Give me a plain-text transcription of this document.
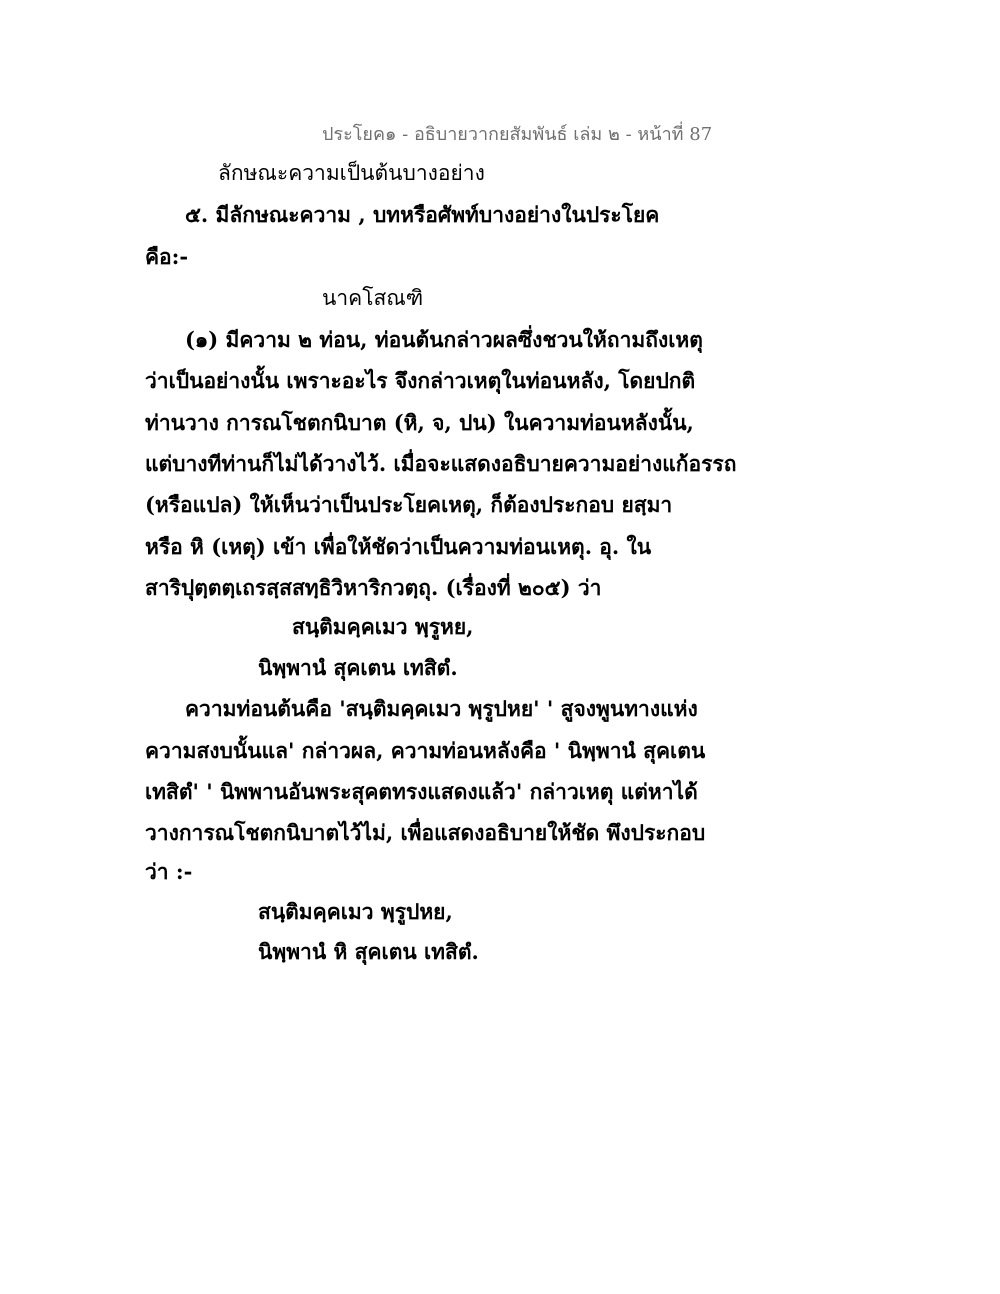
ประโยค๑ - อธิบายวากยสัมพันธ์ เล่ม ๒ - หน้าที่ 87
ลักษณะความเป็นต้นบางอย่าง
๕. มีลักษณะความ , บทหรือศัพท์บางอย่างในประโยค
คือ:-
นาคโสณฑิ
(๑) มีความ ๒ ท่อน, ท่อนต้นกล่าวผลซึ่งชวนให้ถามถึงเหตุ
ว่าเป็นอย่างนั้น เพราะอะไร จึงกล่าวเหตุในท่อนหลัง, โดยปกติ
ท่านวาง การณโชตกนิบาต (หิ, จ, ปน) ในความท่อนหลังนั้น,
แต่บางทีท่านก็ไม่ได้วางไว้. เมื่อจะแสดงอธิบายความอย่างแก้อรรถ
(หรือแปล) ให้เห็นว่าเป็นประโยคเหตุ, ก็ต้องประกอบ ยสฺมา
หรือ หิ (เหตุ) เข้า เพื่อให้ชัดว่าเป็นความท่อนเหตุ. อุ. ใน
สาริปุตฺตตฺเถรสฺสสทฺธิวิหาริกวตฺถุ. (เรื่องที่ ๒๐๕) ว่า
สนฺติมคฺคเมว พฺรูหย,
นิพฺพานํ สุคเตน เทสิตํ.
ความท่อนต้นคือ 'สนฺติมคฺคเมว พฺรูปหย' ' สูจงพูนทางแห่ง
ความสงบนั้นแล' กล่าวผล, ความท่อนหลังคือ ' นิพฺพานํ สุคเตน
เทสิตํ' ' นิพพานอันพระสุคตทรงแสดงแล้ว' กล่าวเหตุ แต่หาได้
วางการณโชตกนิบาตไว้ไม่, เพื่อแสดงอธิบายให้ชัด พึงประกอบ
ว่า :-
สนฺติมคฺคเมว พฺรูปหย,
นิพฺพานํ หิ สุคเตน เทสิตํ.
